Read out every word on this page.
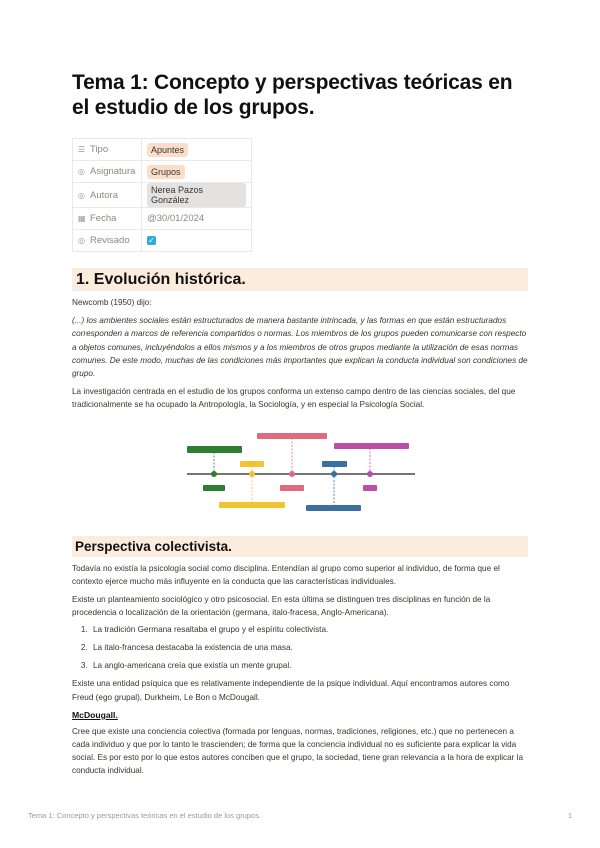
Tema 1: Concepto y perspectivas teóricas en el estudio de los grupos.
☰ Tipo	Apuntes
◎ Asignatura	Grupos
◎ Autora	Nerea Pazos González
▦ Fecha	@30/01/2024
◎ Revisado	✓
1. Evolución histórica.

Newcomb (1950) dijo:

(...) los ambientes sociales están estructurados de manera bastante intrincada, y las formas en que están estructurados corresponden a marcos de referencia compartidos o normas. Los miembros de los grupos pueden comunicarse con respecto a objetos comunes, incluyéndolos a ellos mismos y a los miembros de otros grupos mediante la utilización de esas normas comunes. De este modo, muchas de las condiciones más importantes que explican la conducta individual son condiciones de grupo.

La investigación centrada en el estudio de los grupos conforma un extenso campo dentro de las ciencias sociales, del que tradicionalmente se ha ocupado la Antropología, la Sociología, y en especial la Psicología Social.

Perspectiva colectivista.

Todavía no existía la psicología social como disciplina. Entendían al grupo como superior al individuo, de forma que el contexto ejerce mucho más influyente en la conducta que las características individuales.

Existe un planteamiento sociológico y otro psicosocial. En esta última se distinguen tres disciplinas en función de la procedencia o localización de la orientación (germana, italo-fracesa, Anglo-Americana).

1. La tradición Germana resaltaba el grupo y el espíritu colectivista.
2. La italo-francesa destacaba la existencia de una masa.
3. La anglo-americana creía que existía un mente grupal.

Existe una entidad psíquica que es relativamente independiente de la psique individual. Aquí encontramos autores como Freud (ego grupal), Durkheim, Le Bon o McDougall.

McDougall.

Cree que existe una conciencia colectiva (formada por lenguas, normas, tradiciones, religiones, etc.) que no pertenecen a cada individuo y que por lo tanto le trascienden; de forma que la conciencia individual no es suficiente para explicar la vida social. Es por esto por lo que estos autores conciben que el grupo, la sociedad, tiene gran relevancia a la hora de explicar la conducta individual.

Tema 1: Concepto y perspectivas teóricas en el estudio de los grupos.	1
